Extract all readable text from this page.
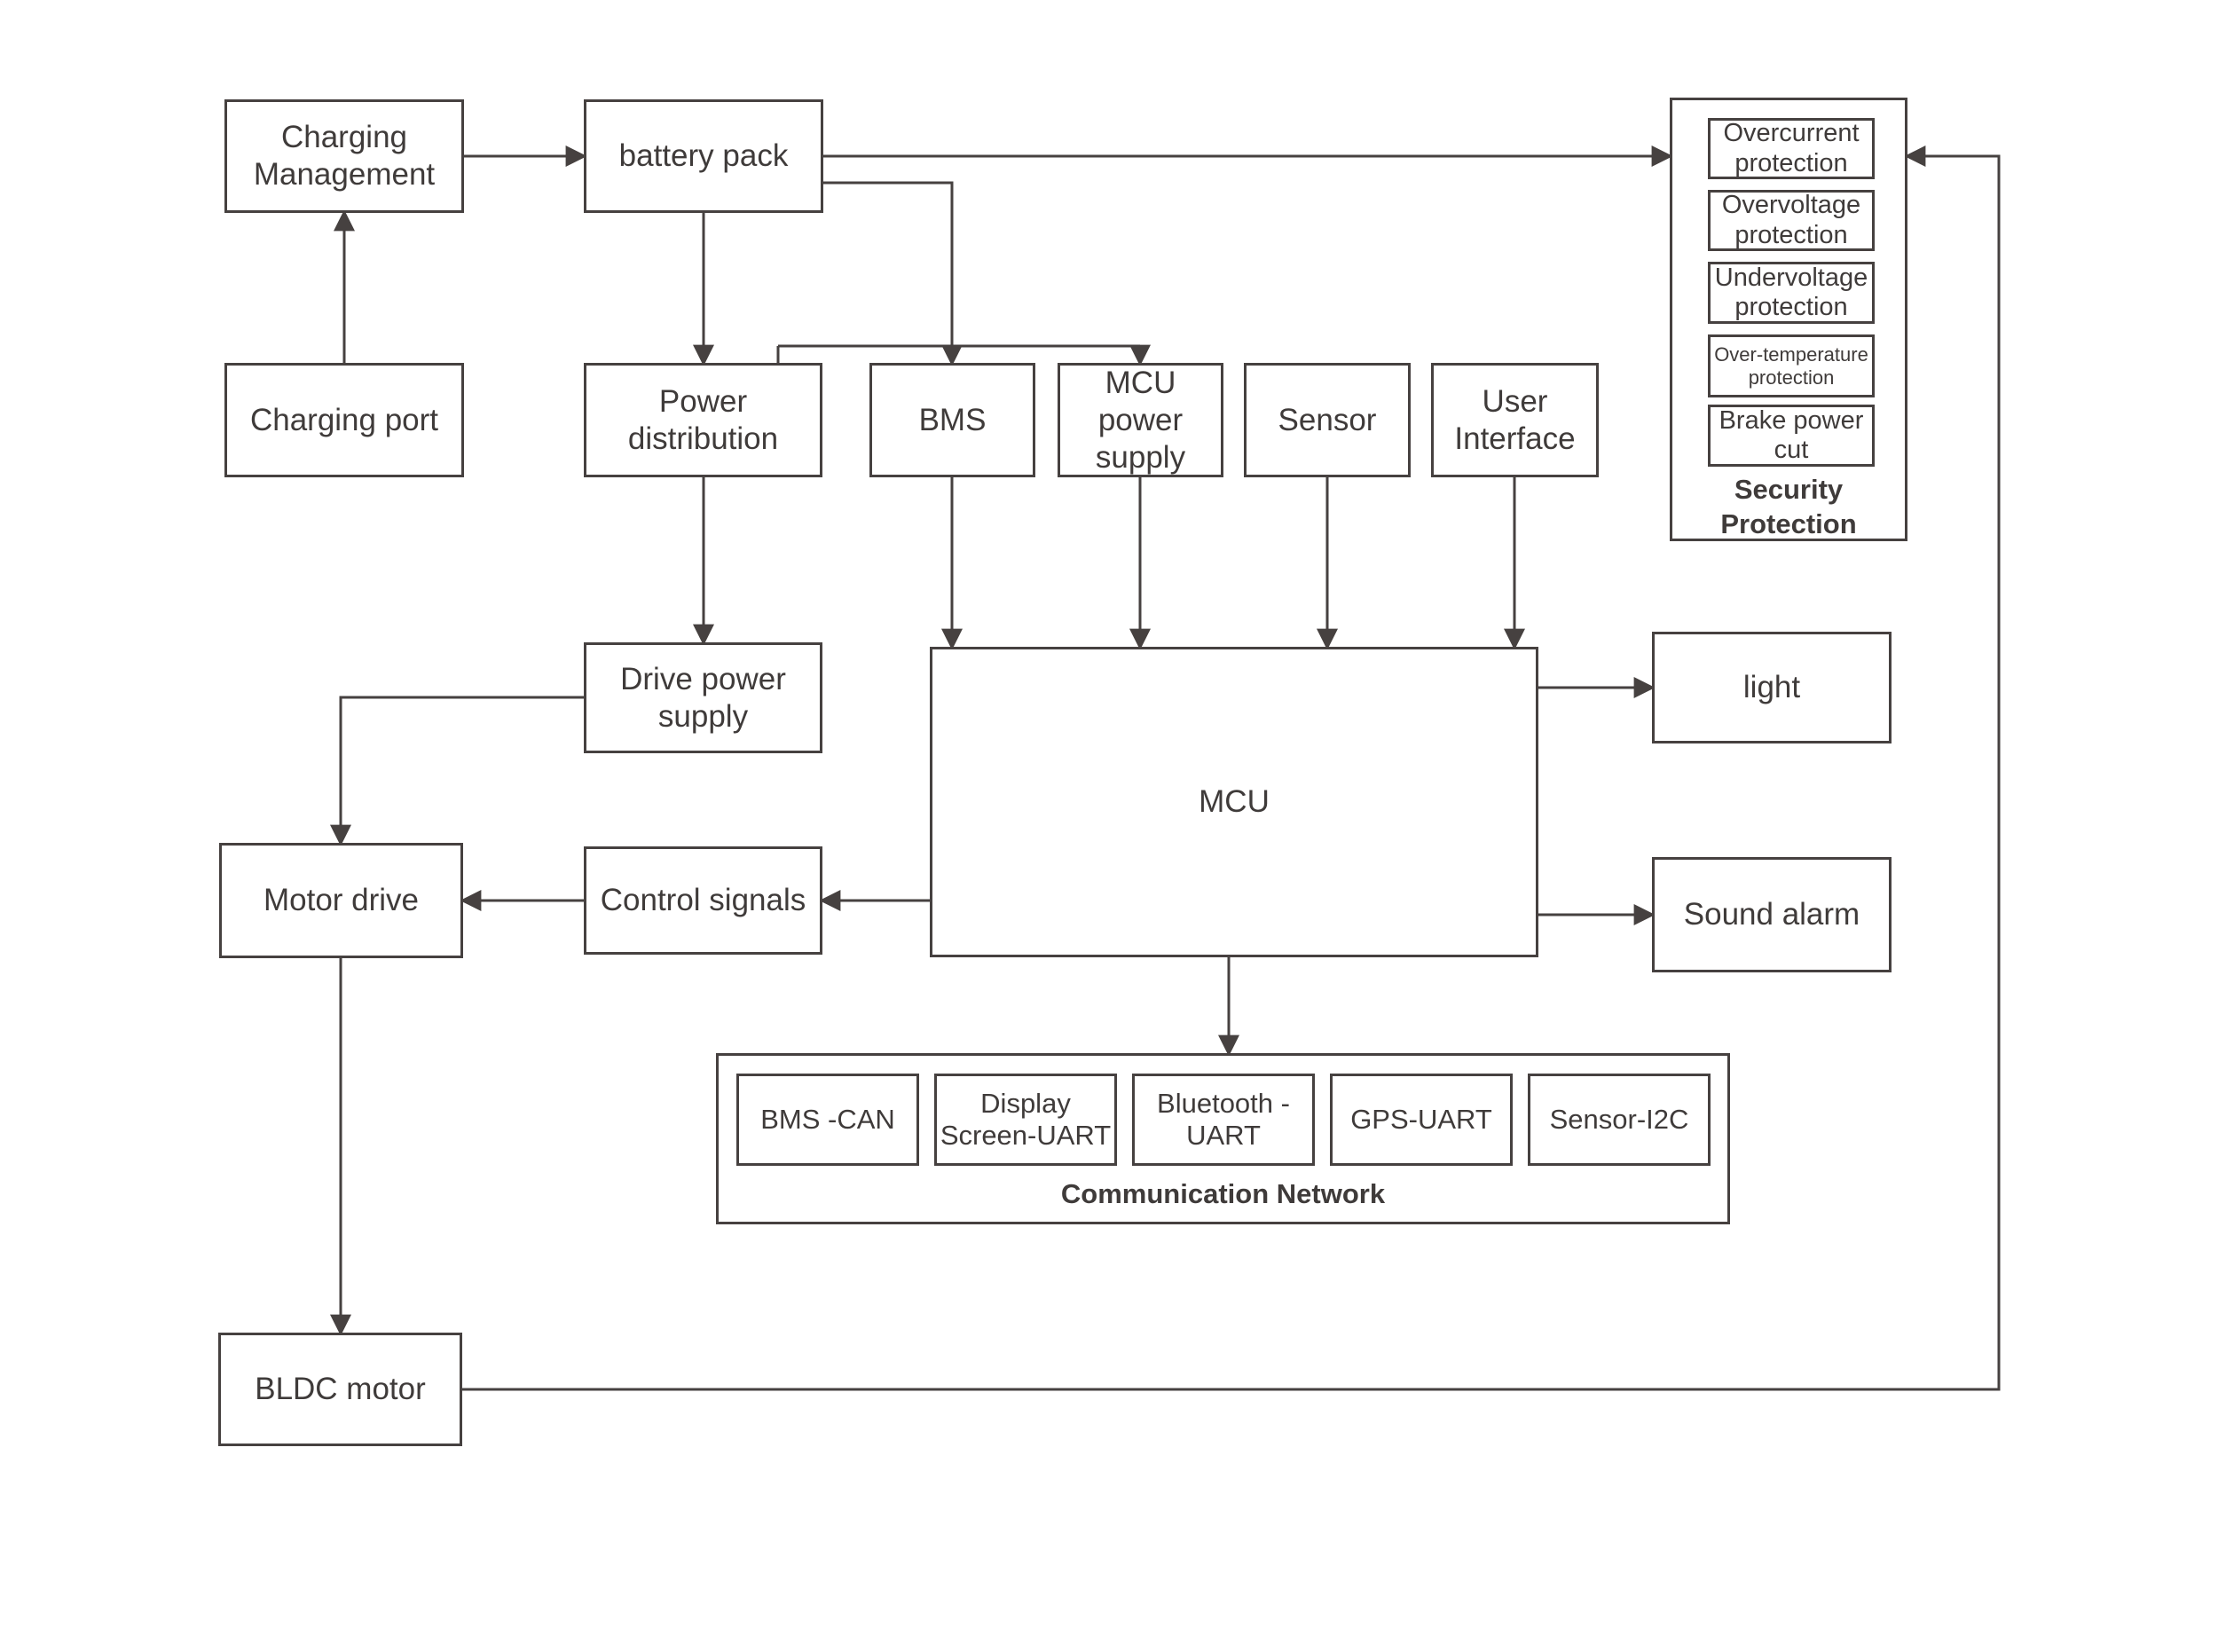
Charging Management
battery pack
Charging port
Power distribution
BMS
MCU power supply
Sensor
User Interface
Overcurrent protection
Overvoltage protection
Undervoltage protection
Over-temperature protection
Brake power cut
Security Protection
Drive power supply
MCU
light
Motor drive	Control signals	Sound alarm
BMS -CAN
Display Screen-UART
Bluetooth - UART
GPS-UART Sensor-I2C
Communication Network
BLDC motor
